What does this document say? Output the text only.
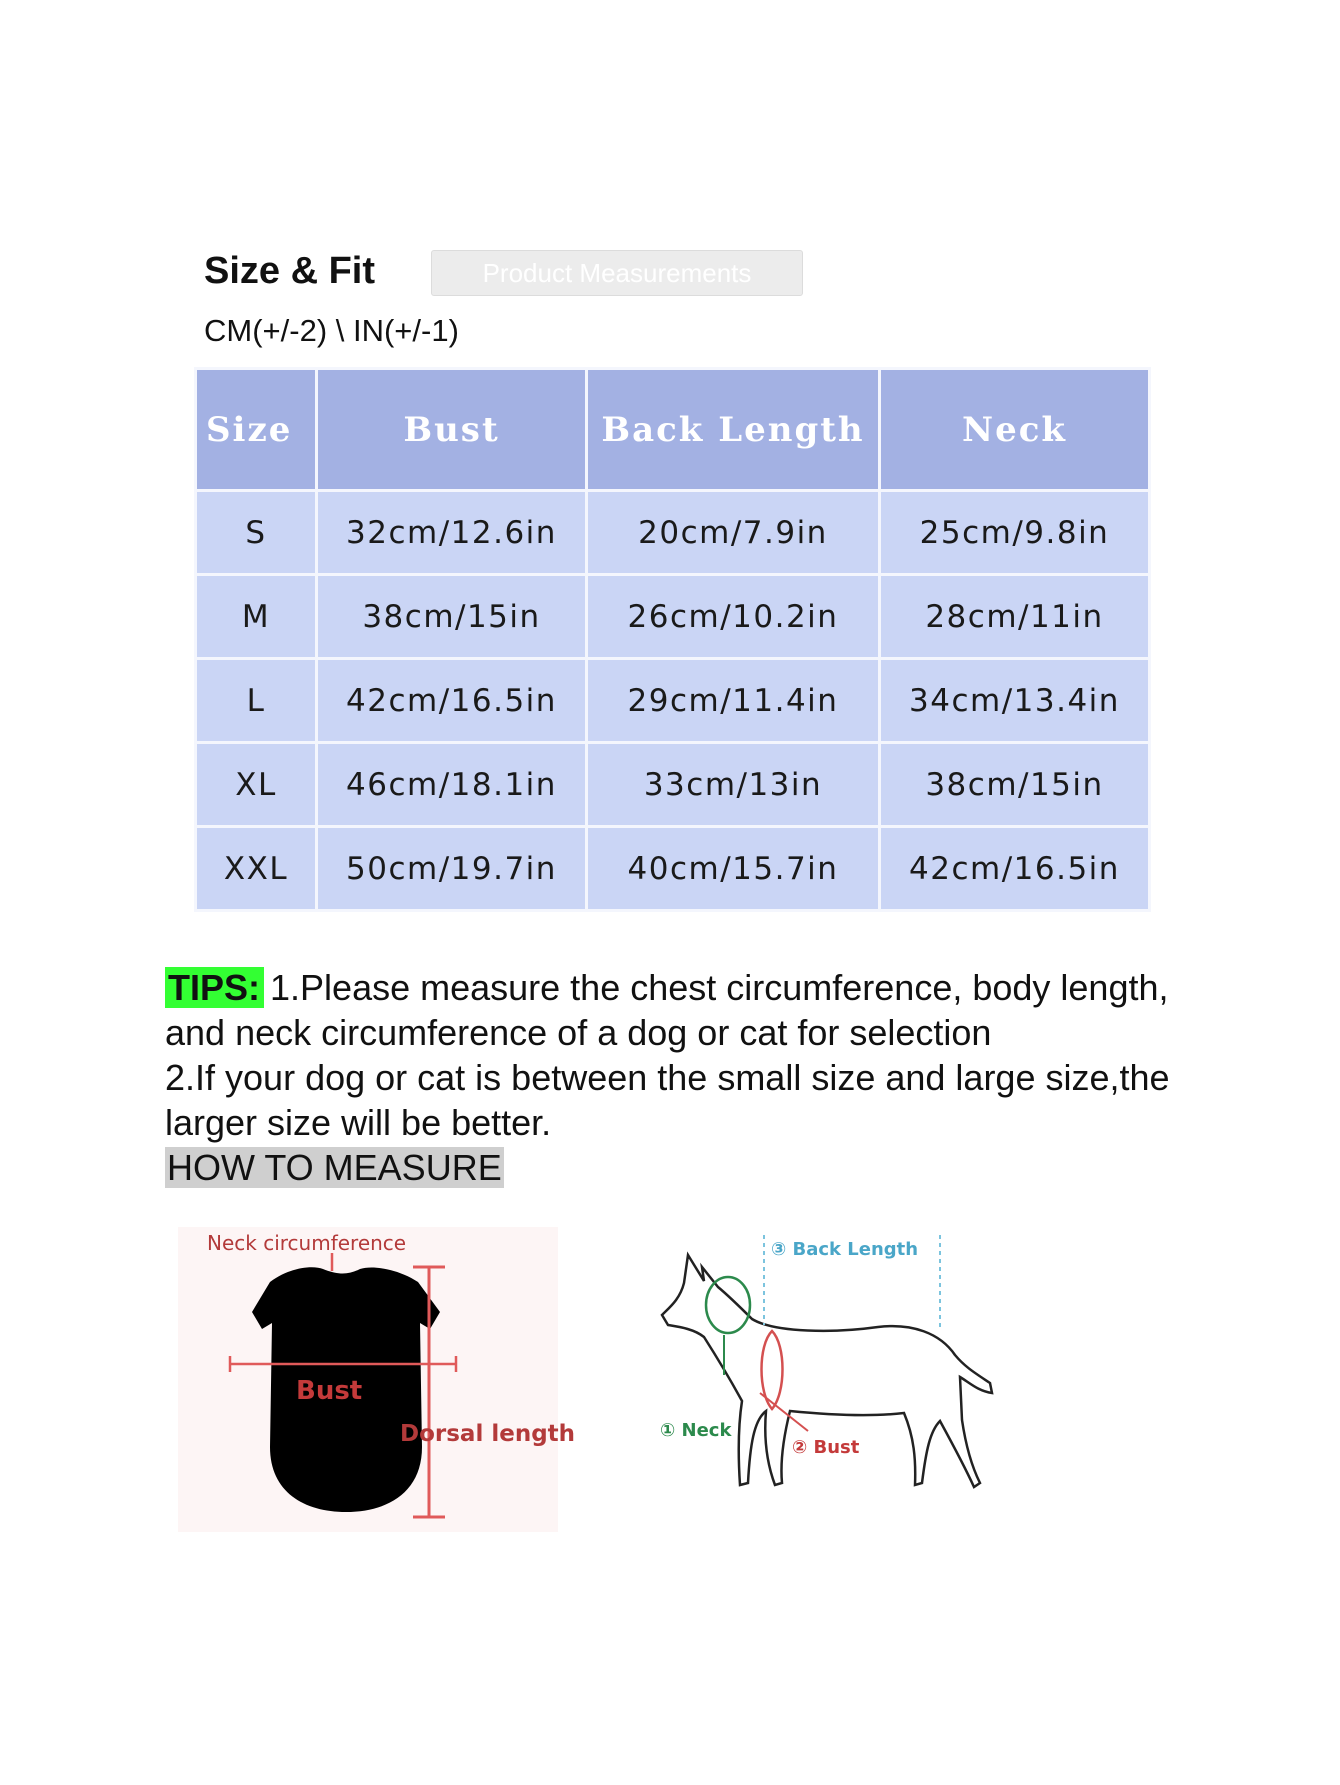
Size & Fit	Product Measurements
CM(+/-2) \ IN(+/-1)
Size	Bust	Back Length	Neck
S	32cm/12.6in	20cm/7.9in	25cm/9.8in
M	38cm/15in	26cm/10.2in	28cm/11in
L	42cm/16.5in	29cm/11.4in	34cm/13.4in
XL	46cm/18.1in	33cm/13in	38cm/15in
XXL	50cm/19.7in	40cm/15.7in	42cm/16.5in
TIPS: 1.Please measure the chest circumference, body length, and neck circumference of a dog or cat for selection
2.If your dog or cat is between the small size and large size,the larger size will be better.
HOW TO MEASURE
Neck circumference
Bust
Dorsal length
③ Back Length
① Neck
② Bust
